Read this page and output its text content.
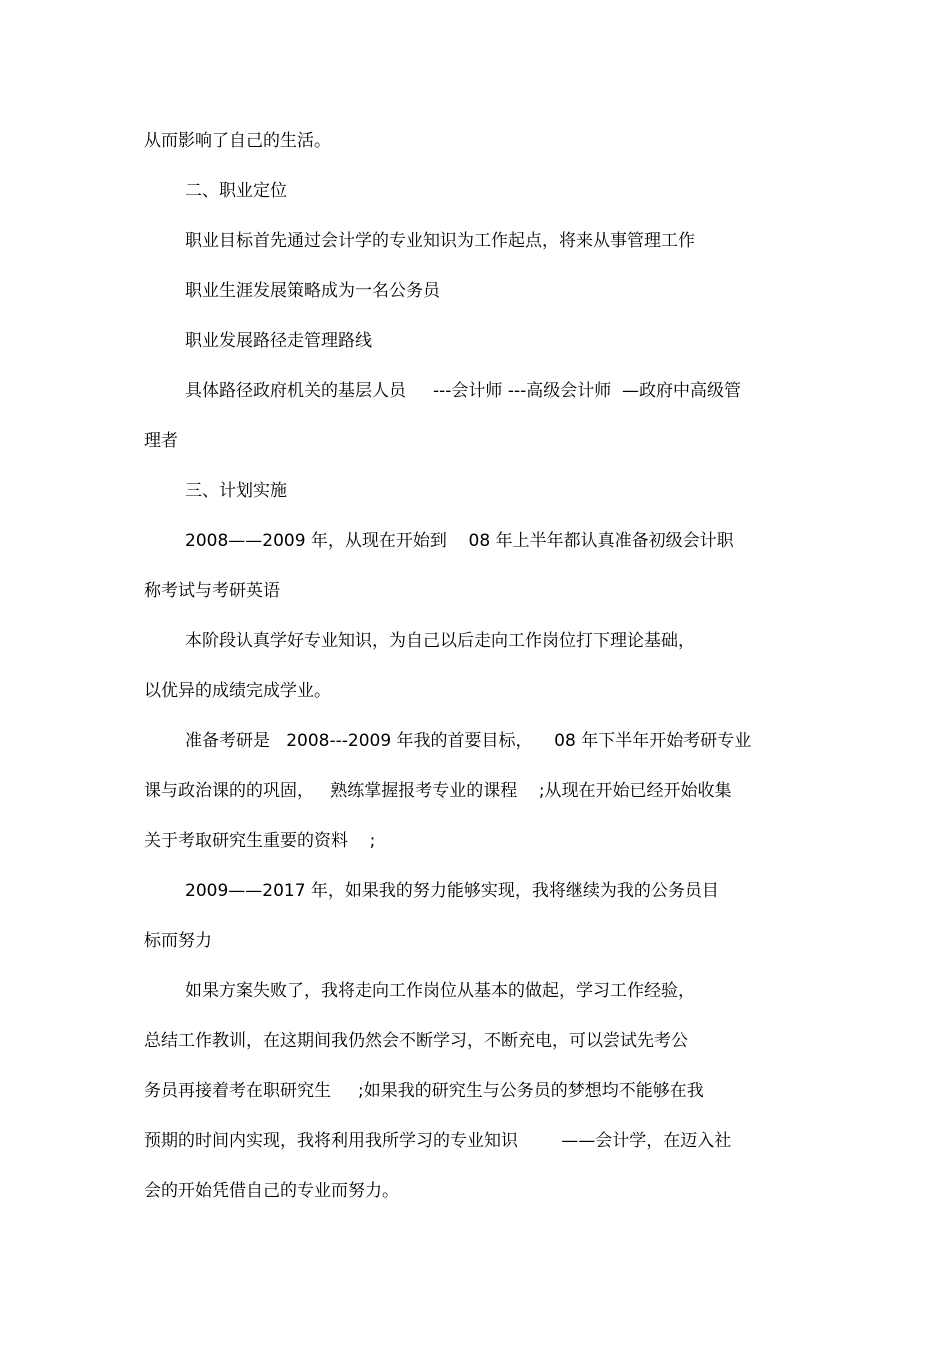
从而影响了自己的生活。

二、职业定位

职业目标首先通过会计学的专业知识为工作起点，将来从事管理工作

职业生涯发展策略成为一名公务员

职业发展路径走管理路线

具体路径政府机关的基层人员     ---会计师 ---高级会计师  —政府中高级管

理者

三、计划实施

2008——2009 年，从现在开始到    08 年上半年都认真准备初级会计职

称考试与考研英语

本阶段认真学好专业知识，为自己以后走向工作岗位打下理论基础，

以优异的成绩完成学业。

准备考研是   2008---2009 年我的首要目标，    08 年下半年开始考研专业

课与政治课的的巩固，   熟练掌握报考专业的课程    ;从现在开始已经开始收集

关于考取研究生重要的资料    ;

2009——2017 年，如果我的努力能够实现，我将继续为我的公务员目

标而努力

如果方案失败了，我将走向工作岗位从基本的做起，学习工作经验，

总结工作教训，在这期间我仍然会不断学习，不断充电，可以尝试先考公

务员再接着考在职研究生     ;如果我的研究生与公务员的梦想均不能够在我

预期的时间内实现，我将利用我所学习的专业知识        ——会计学，在迈入社

会的开始凭借自己的专业而努力。
